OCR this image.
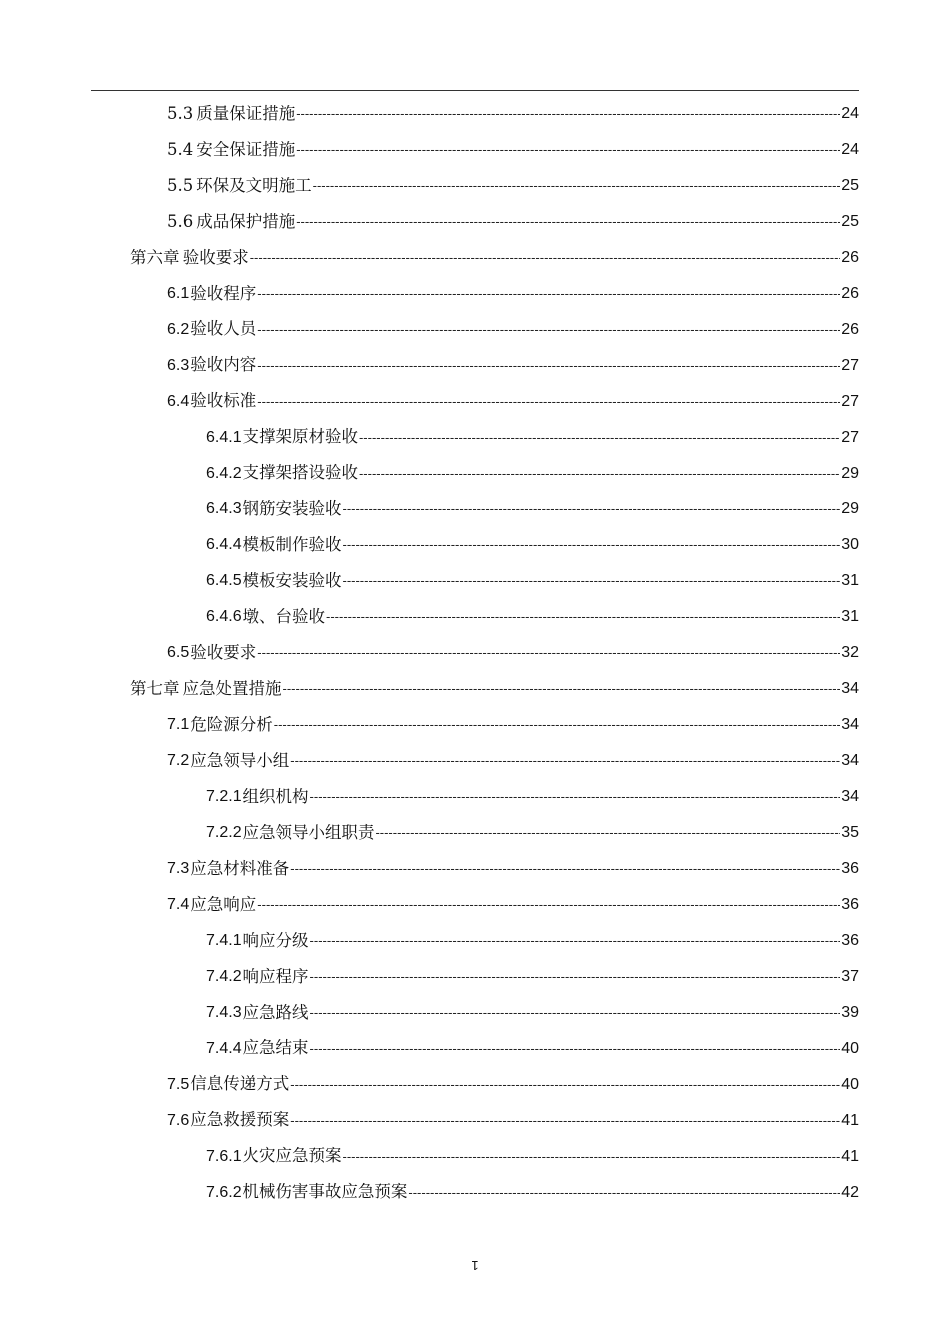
5.3 质量保证措施 -----	24
5.4 安全保证措施 -----	24
5.5 环保及文明施工 -----	25
5.6 成品保护措施 -----	25
第六章 验收要求 -----	26
6.1 验收程序 -----	26
6.2 验收人员 -----	26
6.3 验收内容 -----	27
6.4 验收标准 -----	27
6.4.1 支撑架原材验收 -----	27
6.4.2 支撑架搭设验收 -----	29
6.4.3 钢筋安装验收 -----	29
6.4.4 模板制作验收 -----	30
6.4.5 模板安装验收 -----	31
6.4.6 墩、台验收 -----	31
6.5 验收要求 -----	32
第七章 应急处置措施 -----	34
7.1 危险源分析 -----	34
7.2 应急领导小组 -----	34
7.2.1 组织机构 -----	34
7.2.2 应急领导小组职责 -----	35
7.3 应急材料准备 -----	36
7.4 应急响应 -----	36
7.4.1 响应分级 -----	36
7.4.2 响应程序 -----	37
7.4.3 应急路线 -----	39
7.4.4 应急结束 -----	40
7.5 信息传递方式 -----	40
7.6 应急救援预案 -----	41
7.6.1 火灾应急预案 -----	41
7.6.2 机械伤害事故应急预案 -----	42
1
